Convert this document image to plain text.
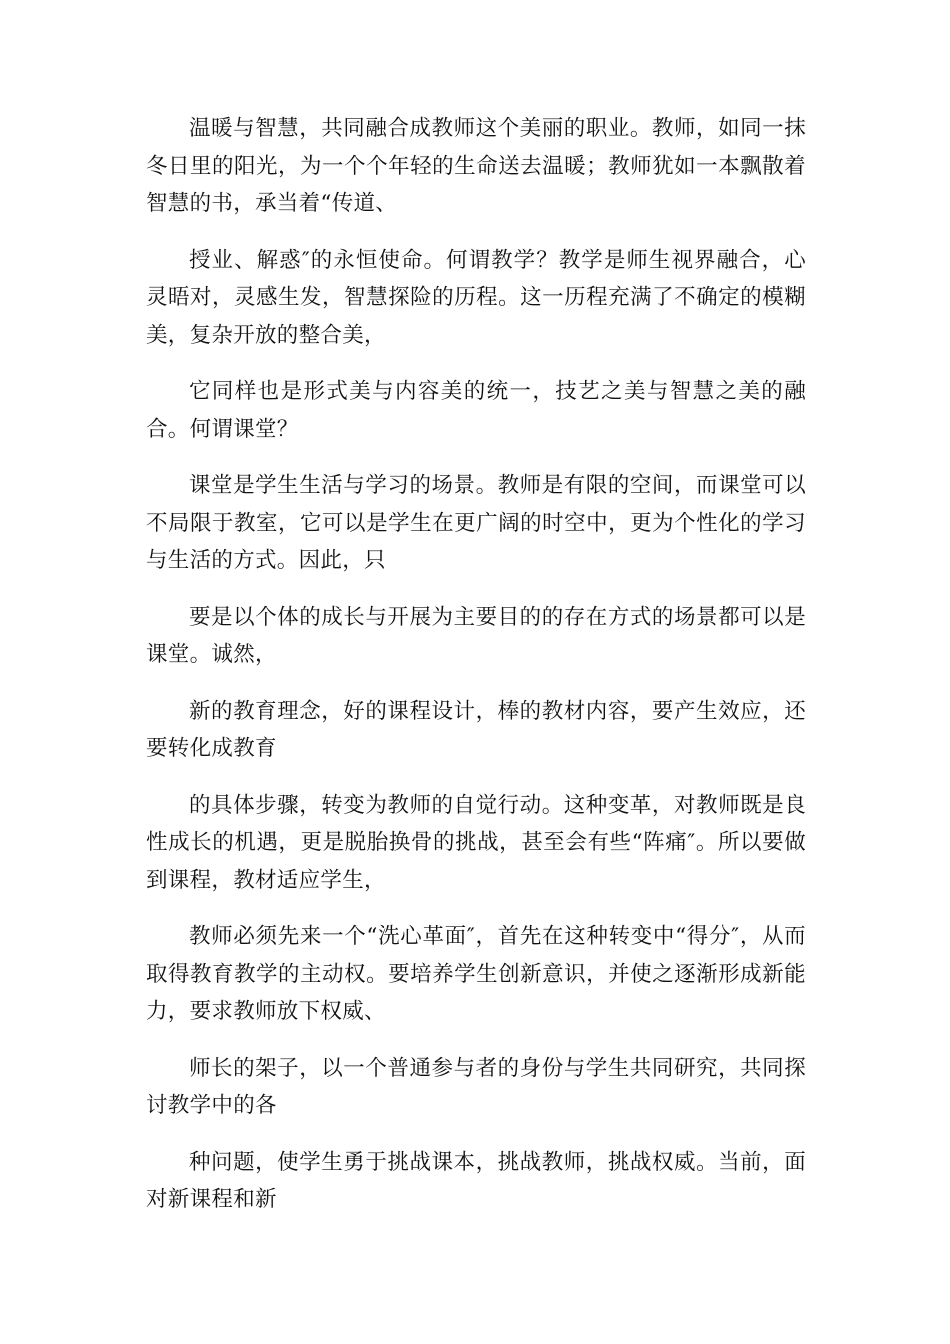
温暖与智慧，共同融合成教师这个美丽的职业。教师，如同一抹冬日里的阳光，为一个个年轻的生命送去温暖；教师犹如一本飘散着智慧的书，承当着“传道、

授业、解惑″的永恒使命。何谓教学？教学是师生视界融合，心灵晤对，灵感生发，智慧探险的历程。这一历程充满了不确定的模糊美，复杂开放的整合美，

它同样也是形式美与内容美的统一，技艺之美与智慧之美的融合。何谓课堂？

课堂是学生生活与学习的场景。教师是有限的空间，而课堂可以不局限于教室，它可以是学生在更广阔的时空中，更为个性化的学习与生活的方式。因此，只

要是以个体的成长与开展为主要目的的存在方式的场景都可以是课堂。诚然，

新的教育理念，好的课程设计，棒的教材内容，要产生效应，还要转化成教育

的具体步骤，转变为教师的自觉行动。这种变革，对教师既是良性成长的机遇，更是脱胎换骨的挑战，甚至会有些“阵痛″。所以要做到课程，教材适应学生，

教师必须先来一个“洗心革面″，首先在这种转变中“得分″，从而取得教育教学的主动权。要培养学生创新意识，并使之逐渐形成新能力，要求教师放下权威、

师长的架子，以一个普通参与者的身份与学生共同研究，共同探讨教学中的各

种问题，使学生勇于挑战课本，挑战教师，挑战权威。当前，面对新课程和新
